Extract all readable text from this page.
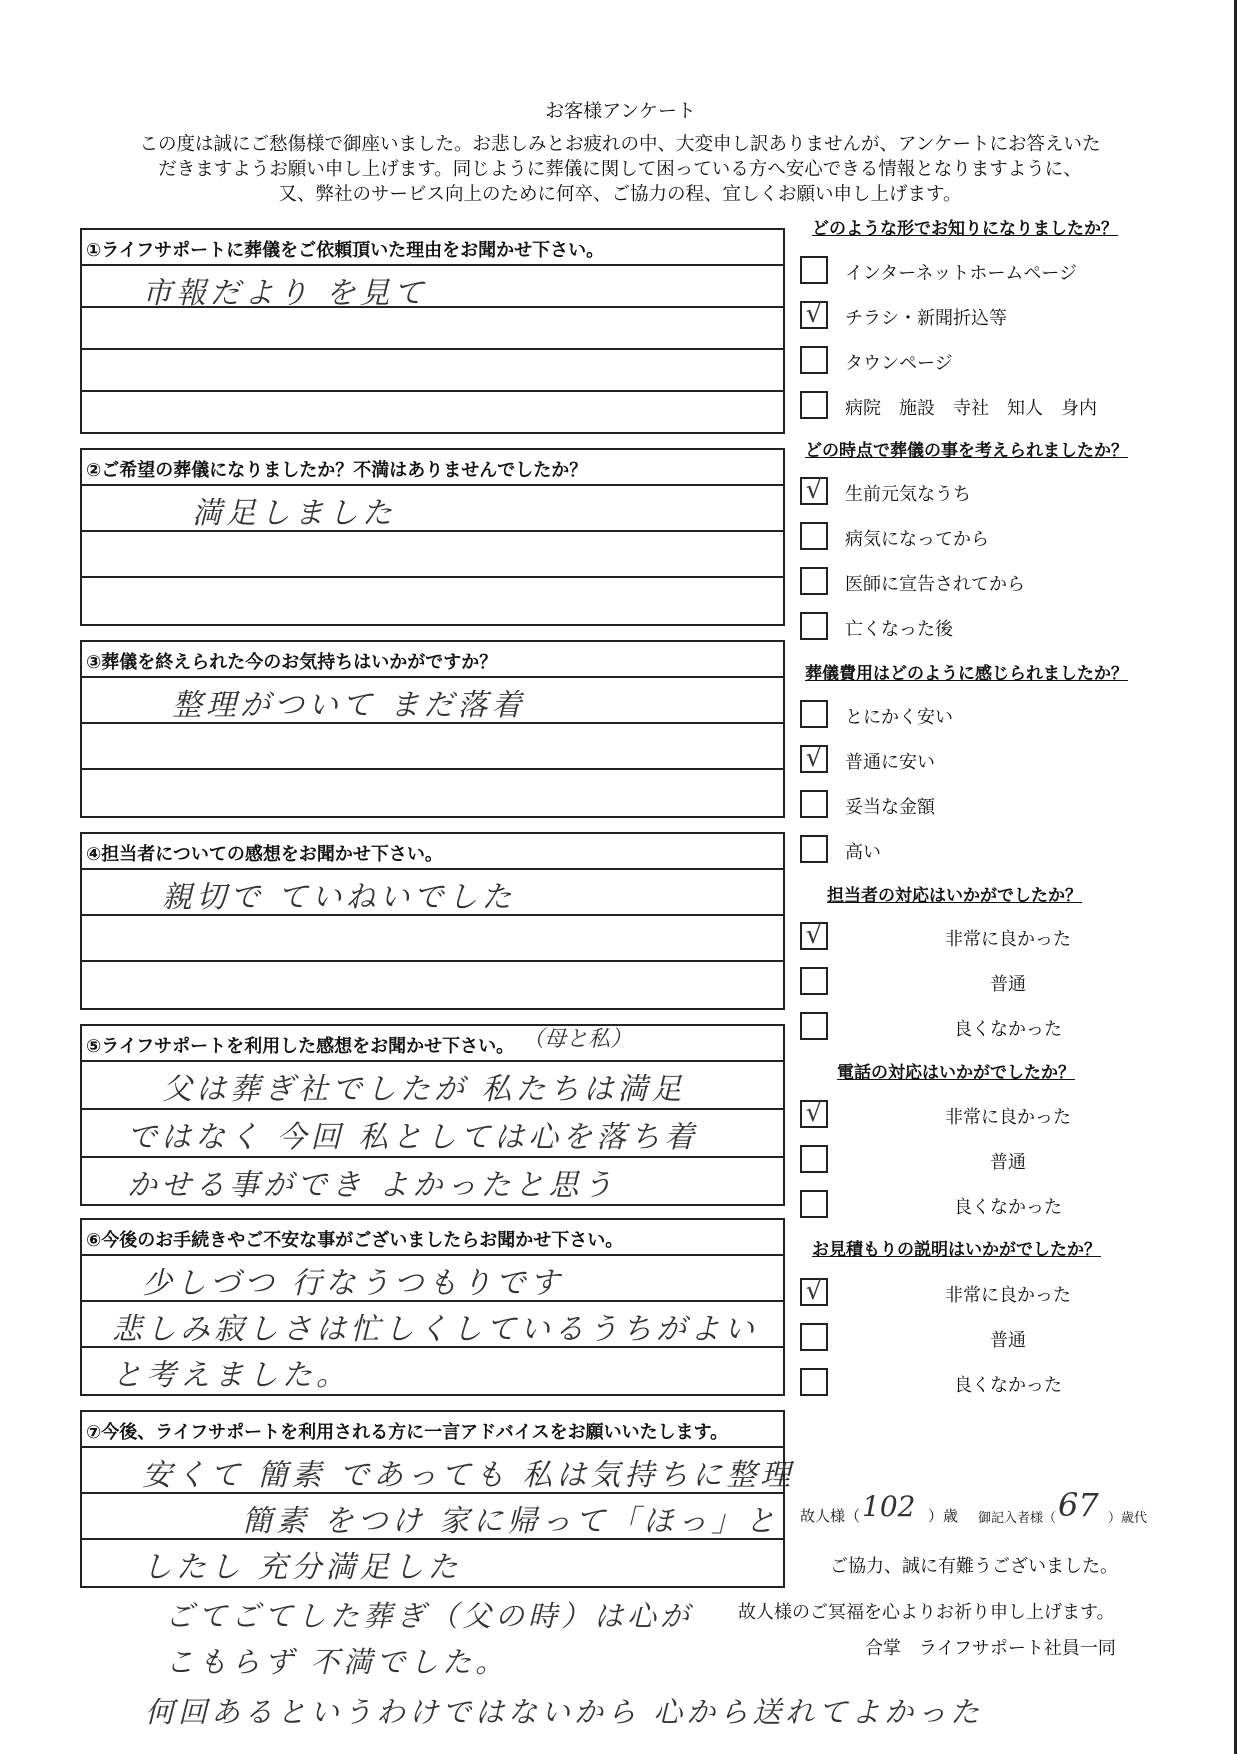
お客様アンケート
この度は誠にご愁傷様で御座いました。お悲しみとお疲れの中、大変申し訳ありませんが、アンケートにお答えいた
だきますようお願い申し上げます。同じように葬儀に関して困っている方へ安心できる情報となりますように、
又、弊社のサービス向上のために何卒、ご協力の程、宜しくお願い申し上げます。
①ライフサポートに葬儀をご依頼頂いた理由をお聞かせ下さい。
市報だより を見て
②ご希望の葬儀になりましたか？不満はありませんでしたか？
満足しました
③葬儀を終えられた今のお気持ちはいかがですか？
整理がついて まだ落着
④担当者についての感想をお聞かせ下さい。
親切で ていねいでした
⑤ライフサポートを利用した感想をお聞かせ下さい。 （母と私）
父は葬ぎ社でしたが 私たちは満足
ではなく 今回 私としては心を落ち着
かせる事ができ よかったと思う
⑥今後のお手続きやご不安な事がございましたらお聞かせ下さい。
少しづつ 行なうつもりです
悲しみ寂しさは忙しくしているうちがよい
と考えました。
⑦今後、ライフサポートを利用される方に一言アドバイスをお願いいたします。
安くて 簡素 であっても 私は気持ちに整理
簡素 をつけ 家に帰って「ほっ」と
したし 充分満足した
どのような形でお知りになりましたか？
インターネットホームページ
√	チラシ・新聞折込等
タウンページ
病院　施設　寺社　知人　身内
どの時点で葬儀の事を考えられましたか？
√	生前元気なうち
病気になってから
医師に宣告されてから
亡くなった後
葬儀費用はどのように感じられましたか？
とにかく安い
√	普通に安い
妥当な金額
高い
担当者の対応はいかがでしたか？
√	非常に良かった
普通
良くなかった
電話の対応はいかがでしたか？
√	非常に良かった
普通
良くなかった
お見積もりの説明はいかがでしたか？
√	非常に良かった
普通
良くなかった
故人様（ 102 ）歳 御記入者様（ 67 ）歳代
ご協力、誠に有難うございました。
故人様のご冥福を心よりお祈り申し上げます。
合掌　ライフサポート社員一同
ごてごてした葬ぎ（父の時）は心が
こもらず 不満でした。
何回あるというわけではないから 心から送れてよかった
